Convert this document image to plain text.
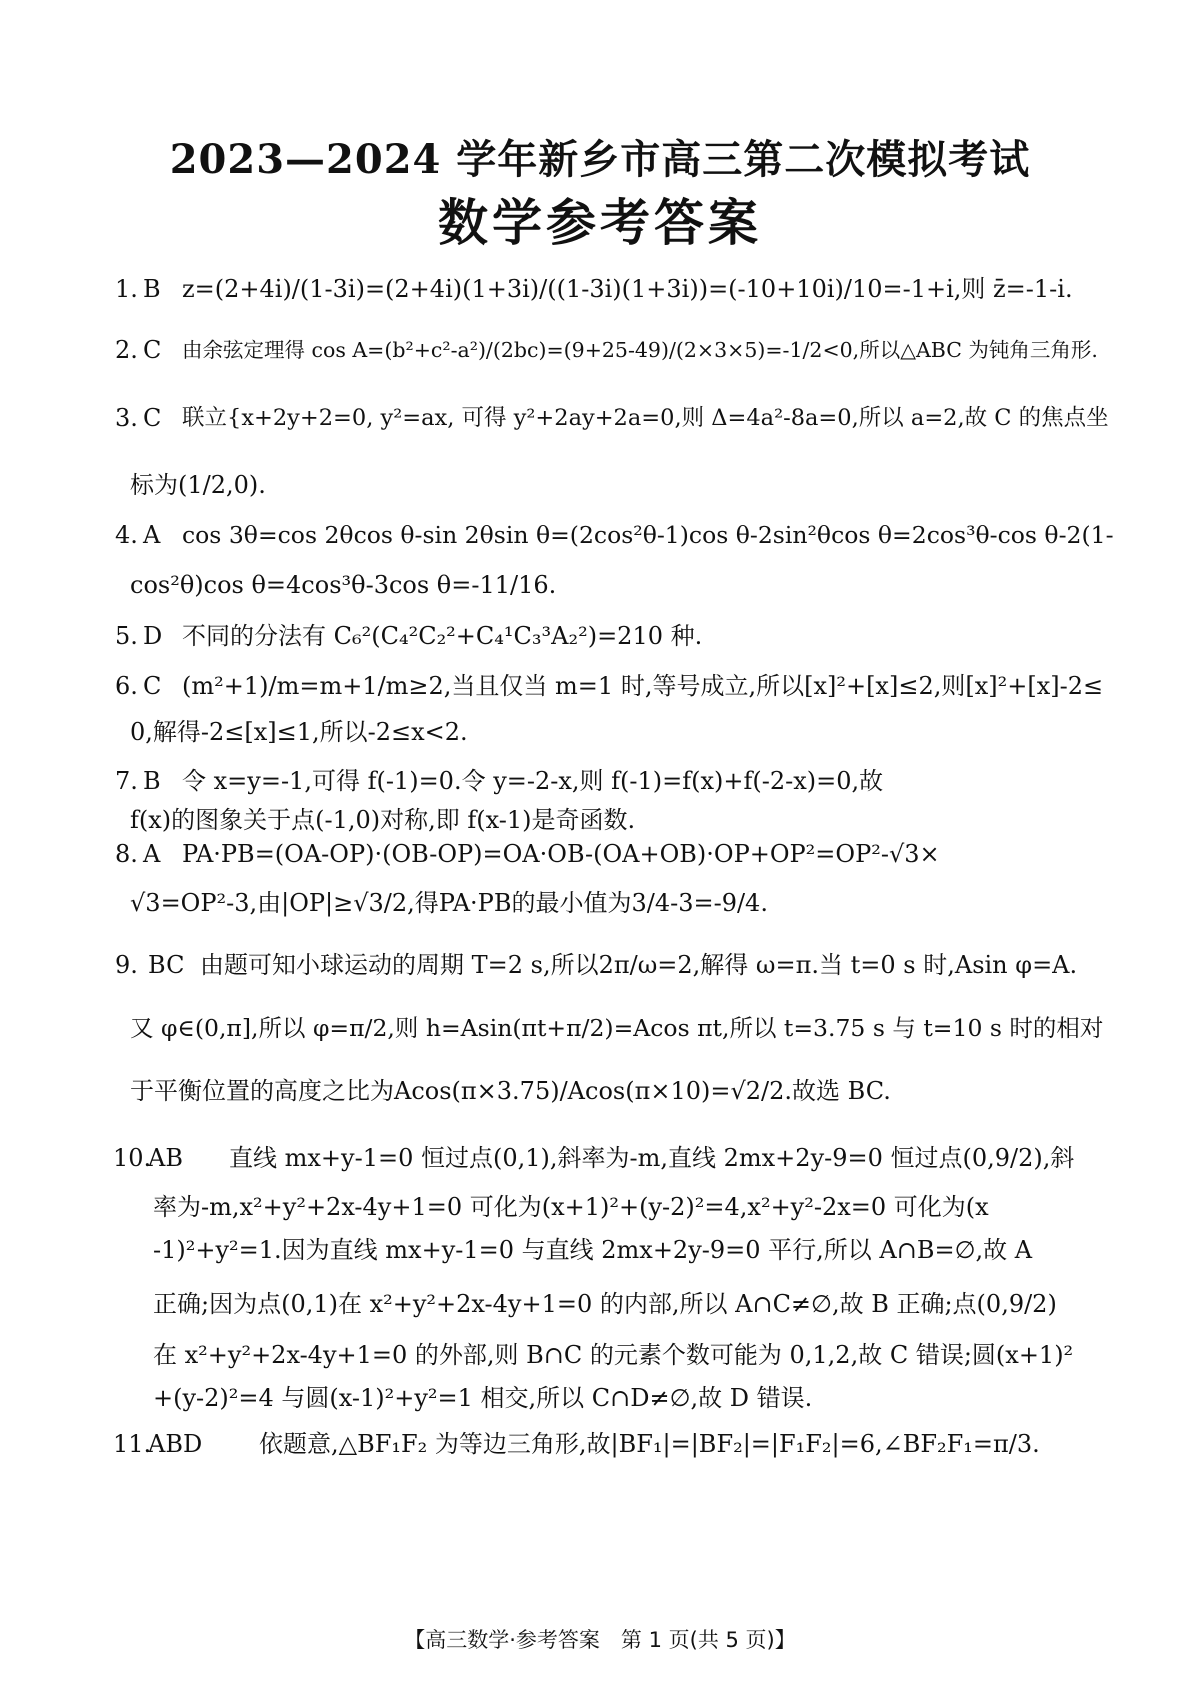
2023—2024 学年新乡市高三第二次模拟考试
数学参考答案
1. B z=(2+4i)/(1-3i)=(2+4i)(1+3i)/((1-3i)(1+3i))=(-10+10i)/10=-1+i,则 z̄=-1-i.
2. C 由余弦定理得 cos A=(b²+c²-a²)/(2bc)=(9+25-49)/(2×3×5)=-1/2<0,所以△ABC 为钝角三角形.
3. C 联立{x+2y+2=0, y²=ax, 可得 y²+2ay+2a=0,则 Δ=4a²-8a=0,所以 a=2,故 C 的焦点坐
标为(1/2,0).
4. A cos 3θ=cos 2θcos θ-sin 2θsin θ=(2cos²θ-1)cos θ-2sin²θcos θ=2cos³θ-cos θ-2(1-
cos²θ)cos θ=4cos³θ-3cos θ=-11/16.
5. D 不同的分法有 C₆²(C₄²C₂²+C₄¹C₃³A₂²)=210 种.
6. C (m²+1)/m=m+1/m≥2,当且仅当 m=1 时,等号成立,所以[x]²+[x]≤2,则[x]²+[x]-2≤
0,解得-2≤[x]≤1,所以-2≤x<2.
7. B 令 x=y=-1,可得 f(-1)=0.令 y=-2-x,则 f(-1)=f(x)+f(-2-x)=0,故
f(x)的图象关于点(-1,0)对称,即 f(x-1)是奇函数.
8. A PA·PB=(OA-OP)·(OB-OP)=OA·OB-(OA+OB)·OP+OP²=OP²-√3×
√3=OP²-3,由|OP|≥√3/2,得PA·PB的最小值为3/4-3=-9/4.
9. BC 由题可知小球运动的周期 T=2 s,所以2π/ω=2,解得 ω=π.当 t=0 s 时,Asin φ=A.
又 φ∈(0,π],所以 φ=π/2,则 h=Asin(πt+π/2)=Acos πt,所以 t=3.75 s 与 t=10 s 时的相对
于平衡位置的高度之比为Acos(π×3.75)/Acos(π×10)=√2/2.故选 BC.
10.
AB 直线 mx+y-1=0 恒过点(0,1),斜率为-m,直线 2mx+2y-9=0 恒过点(0,9/2),斜
率为-m,x²+y²+2x-4y+1=0 可化为(x+1)²+(y-2)²=4,x²+y²-2x=0 可化为(x
-1)²+y²=1.因为直线 mx+y-1=0 与直线 2mx+2y-9=0 平行,所以 A∩B=∅,故 A
正确;因为点(0,1)在 x²+y²+2x-4y+1=0 的内部,所以 A∩C≠∅,故 B 正确;点(0,9/2)
在 x²+y²+2x-4y+1=0 的外部,则 B∩C 的元素个数可能为 0,1,2,故 C 错误;圆(x+1)²
+(y-2)²=4 与圆(x-1)²+y²=1 相交,所以 C∩D≠∅,故 D 错误.
11.
ABD 依题意,△BF₁F₂ 为等边三角形,故|BF₁|=|BF₂|=|F₁F₂|=6,∠BF₂F₁=π/3.
【高三数学·参考答案　第 1 页(共 5 页)】
